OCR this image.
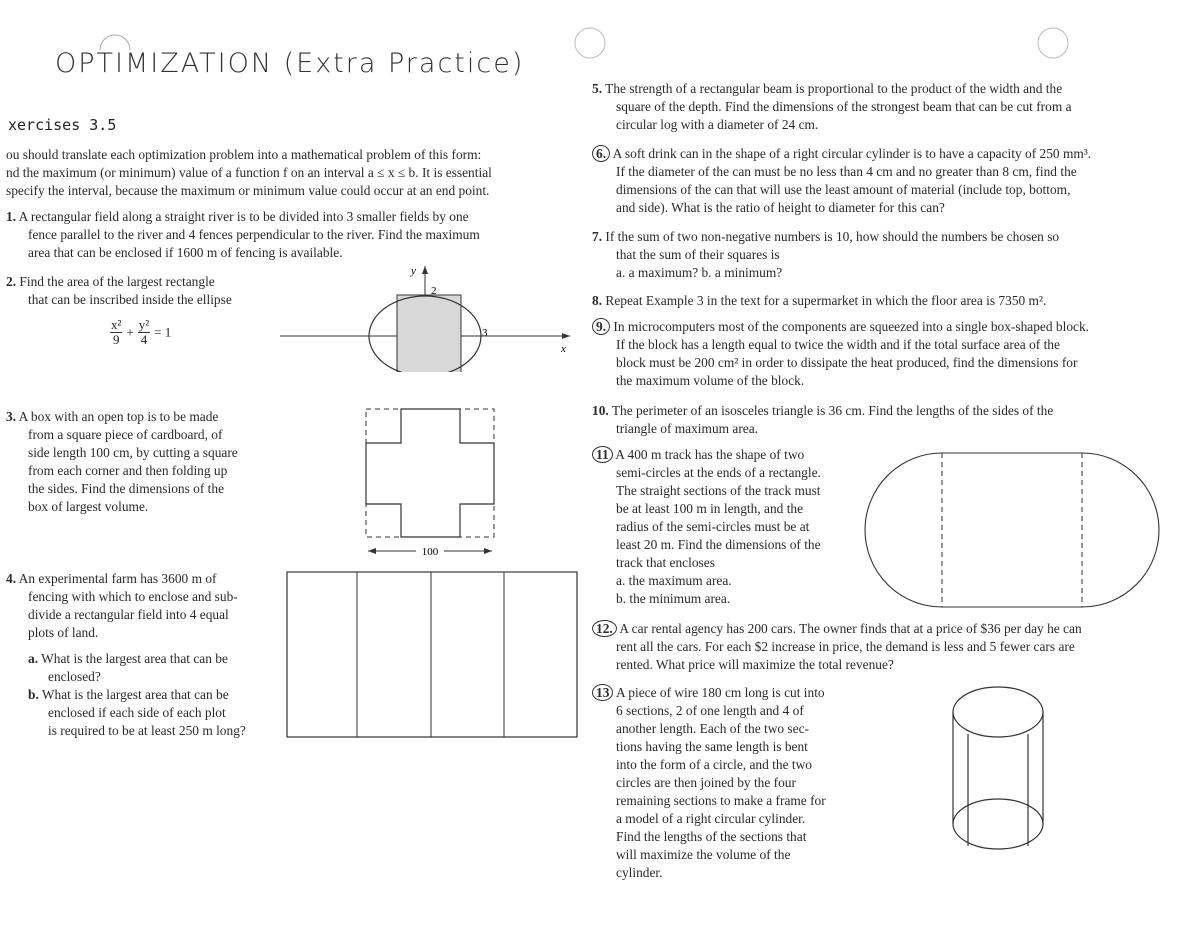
OPTIMIZATION (Extra Practice)
xercises 3.5
ou should translate each optimization problem into a mathematical problem of this form:
nd the maximum (or minimum) value of a function f on an interval a ≤ x ≤ b. It is essential
specify the interval, because the maximum or minimum value could occur at an end point.
1. A rectangular field along a straight river is to be divided into 3 smaller fields by one
fence parallel to the river and 4 fences perpendicular to the river. Find the maximum
area that can be enclosed if 1600 m of fencing is available.
2. Find the area of the largest rectangle
that can be inscribed inside the ellipse
$\frac{\text{x²}}{9} + \frac{\text{y²}}{4} = 1$
y
2
3
x
3. A box with an open top is to be made
from a square piece of cardboard, of
side length 100 cm, by cutting a square
from each corner and then folding up
the sides. Find the dimensions of the
box of largest volume.
100
4. An experimental farm has 3600 m of
fencing with which to enclose and sub-
divide a rectangular field into 4 equal
plots of land.
a. What is the largest area that can be
enclosed?
b. What is the largest area that can be
enclosed if each side of each plot
is required to be at least 250 m long?
5. The strength of a rectangular beam is proportional to the product of the width and the
square of the depth. Find the dimensions of the strongest beam that can be cut from a
circular log with a diameter of 24 cm.
6. A soft drink can in the shape of a right circular cylinder is to have a capacity of 250 mm³.
If the diameter of the can must be no less than 4 cm and no greater than 8 cm, find the
dimensions of the can that will use the least amount of material (include top, bottom,
and side). What is the ratio of height to diameter for this can?
7. If the sum of two non-negative numbers is 10, how should the numbers be chosen so
that the sum of their squares is
a. a maximum? b. a minimum?
8. Repeat Example 3 in the text for a supermarket in which the floor area is 7350 m².
9. In microcomputers most of the components are squeezed into a single box-shaped block.
If the block has a length equal to twice the width and if the total surface area of the
block must be 200 cm² in order to dissipate the heat produced, find the dimensions for
the maximum volume of the block.
10. The perimeter of an isosceles triangle is 36 cm. Find the lengths of the sides of the
triangle of maximum area.
11 A 400 m track has the shape of two
semi-circles at the ends of a rectangle.
The straight sections of the track must
be at least 100 m in length, and the
radius of the semi-circles must be at
least 20 m. Find the dimensions of the
track that encloses
a. the maximum area.
b. the minimum area.
12. A car rental agency has 200 cars. The owner finds that at a price of $36 per day he can
rent all the cars. For each $2 increase in price, the demand is less and 5 fewer cars are
rented. What price will maximize the total revenue?
13 A piece of wire 180 cm long is cut into
6 sections, 2 of one length and 4 of
another length. Each of the two sec-
tions having the same length is bent
into the form of a circle, and the two
circles are then joined by the four
remaining sections to make a frame for
a model of a right circular cylinder.
Find the lengths of the sections that
will maximize the volume of the
cylinder.
